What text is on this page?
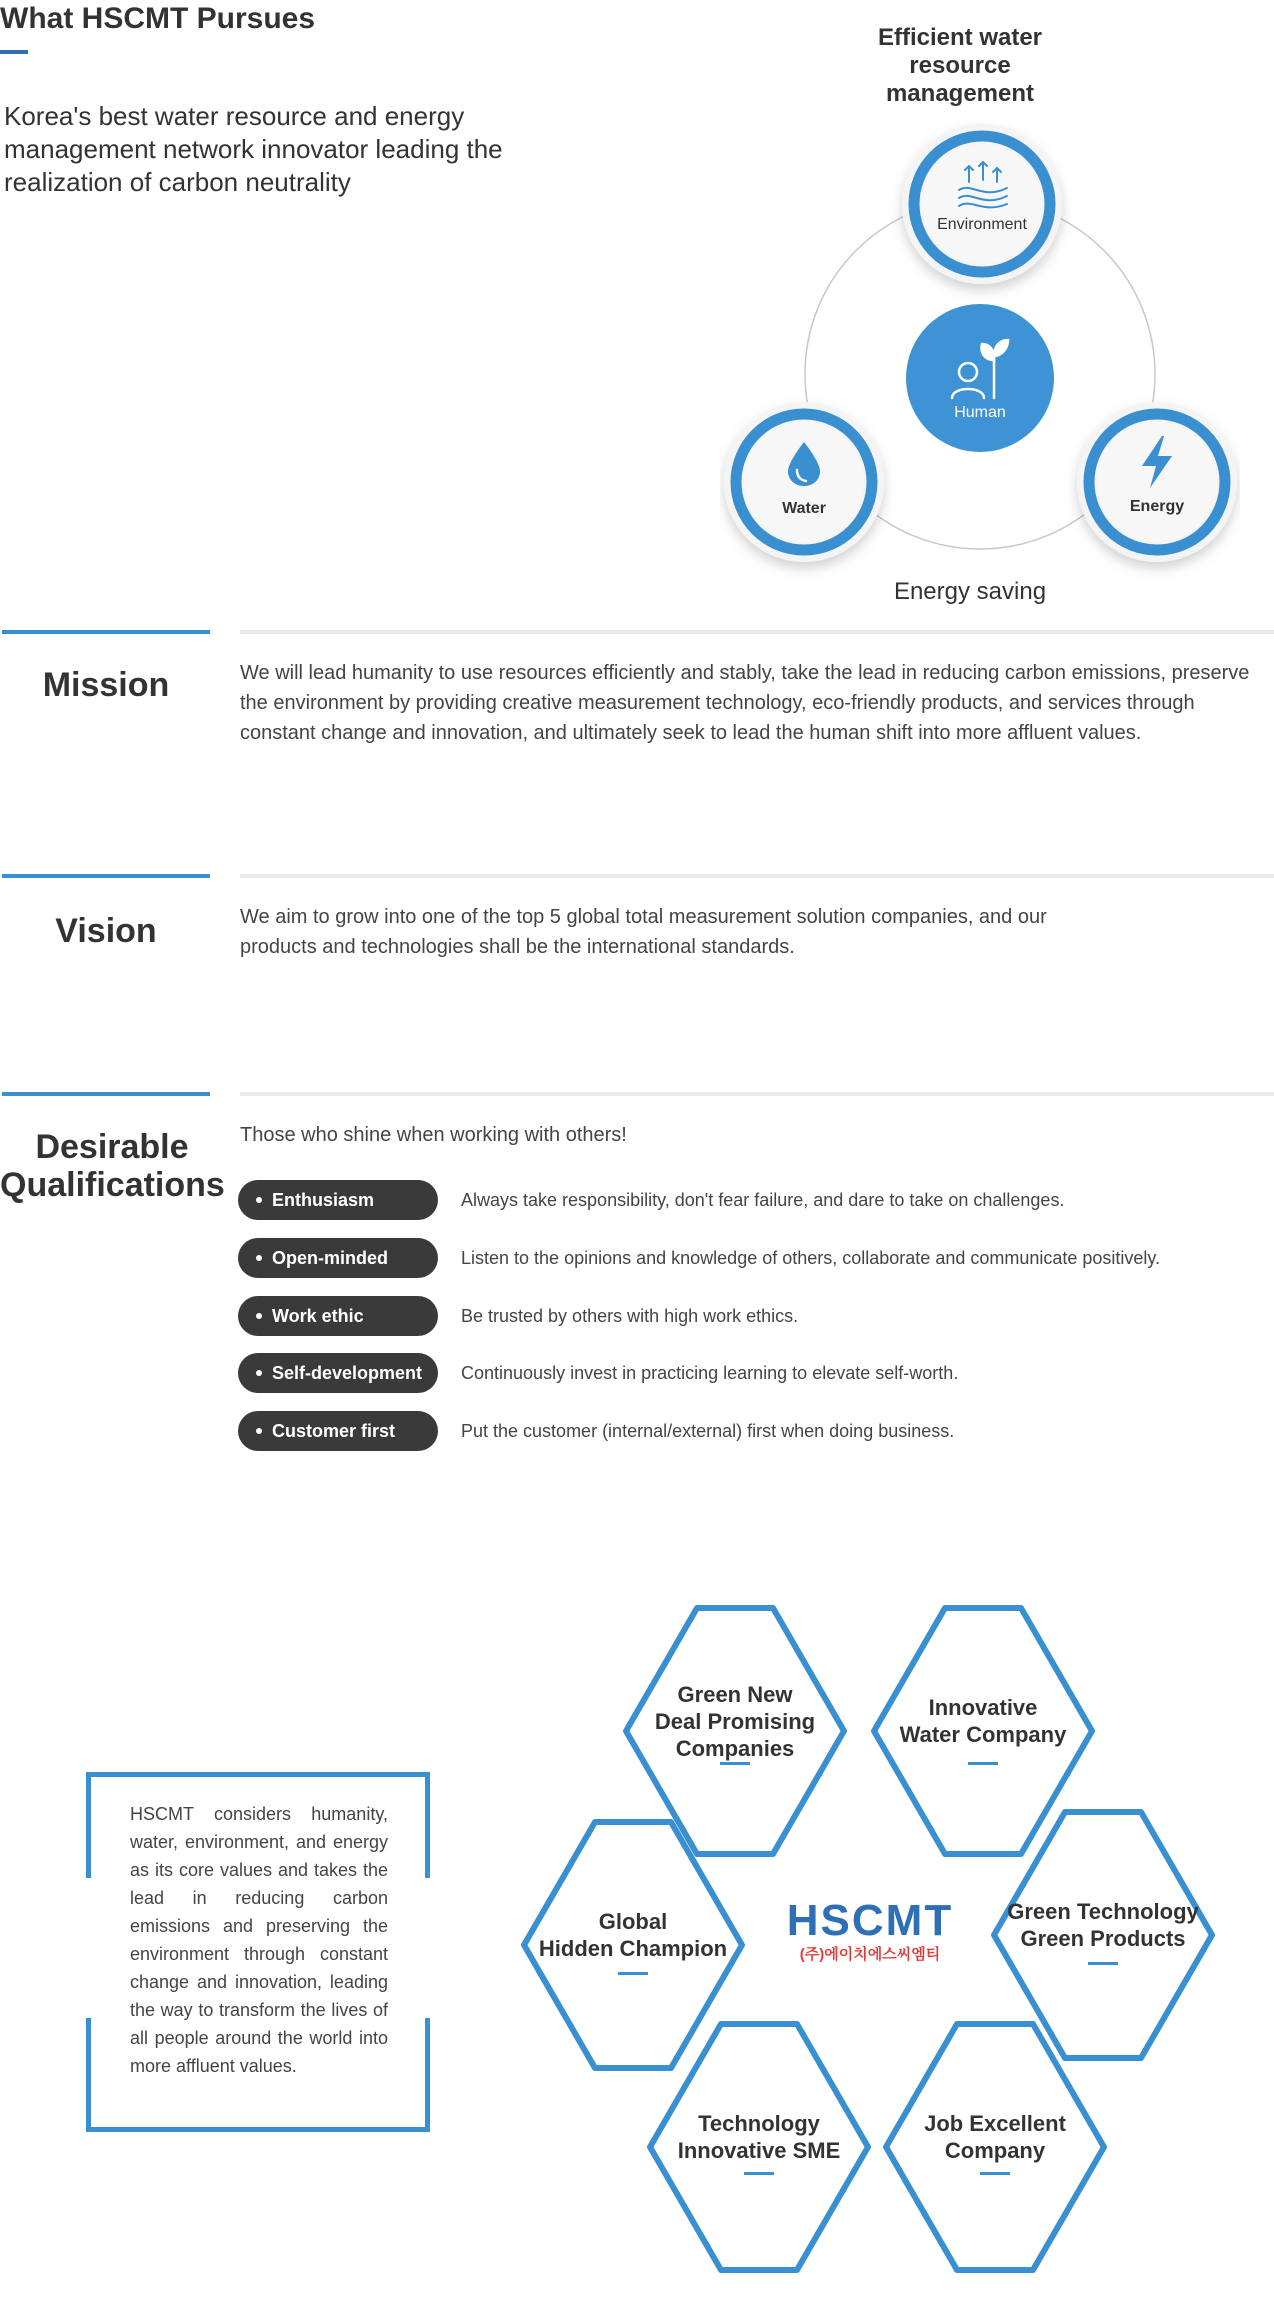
What HSCMT Pursues
Korea's best water resource and energy management network innovator leading the realization of carbon neutrality
Efficient water resource management
Environment
Human
Water	Energy
Energy saving
Mission	We will lead humanity to use resources efficiently and stably, take the lead in reducing carbon emissions, preserve the environment by providing creative measurement technology, eco-friendly products, and services through constant change and innovation, and ultimately seek to lead the human shift into more affluent values.
Vision	We aim to grow into one of the top 5 global total measurement solution companies, and our products and technologies shall be the international standards.
Desirable Qualifications
Those who shine when working with others!
Enthusiasm	Always take responsibility, don't fear failure, and dare to take on challenges.
Open-minded	Listen to the opinions and knowledge of others, collaborate and communicate positively.
Work ethic	Be trusted by others with high work ethics.
Self-development	Continuously invest in practicing learning to elevate self-worth.
Customer first	Put the customer (internal/external) first when doing business.
HSCMT considers humanity, water, environment, and energy as its core values and takes the lead in reducing carbon emissions and preserving the environment through constant change and innovation, leading the way to transform the lives of all people around the world into more affluent values.
Green New
Deal Promising
Companies
Innovative
Water Company
Global
Hidden Champion
Green Technology
Green Products
Technology
Innovative SME
Job Excellent
Company
HSCMT
(주)에이치에스씨엠티
